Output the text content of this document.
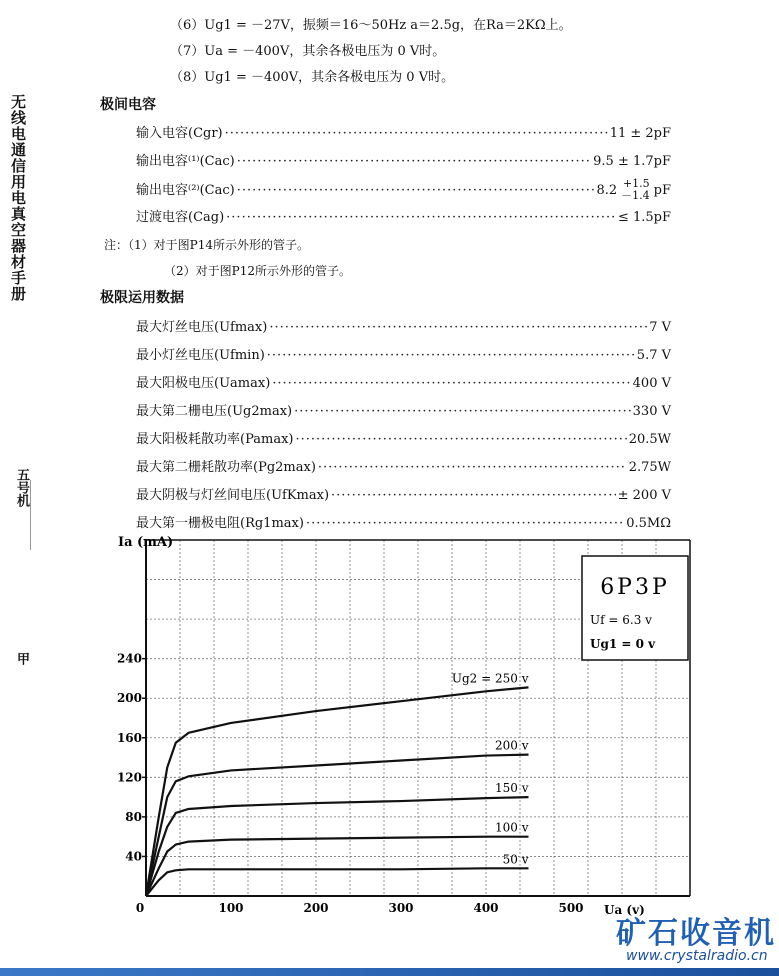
（6）Ug1 = －27V，振频＝16～50Hz a＝2.5g，在Ra＝2KΩ上。
（7）Ua = －400V，其余各极电压为 0 V时。
（8）Ug1 = －400V，其余各极电压为 0 V时。
无线电通信用电真空器材手册
五号机
甲
极间电容
输入电容(Cgr) ·····	11 ± 2pF
输出电容⁽¹⁾(Cac) ·····	9.5 ± 1.7pF
输出电容⁽²⁾(Cac) ·····	8.2 +1.5
－1.4 pF
过渡电容(Cag) ·····	≤ 1.5pF
注：（1）对于图P14所示外形的管子。
（2）对于图P12所示外形的管子。
极限运用数据
最大灯丝电压(Ufmax) ·····	7 V
最小灯丝电压(Ufmin) ·····	5.7 V
最大阳极电压(Uamax) ·····	400 V
最大第二栅电压(Ug2max) ·····	330 V
最大阳极耗散功率(Pamax) ·····	20.5W
最大第二栅耗散功率(Pg2max) ·····	2.75W
最大阴极与灯丝间电压(UfKmax) ·····	± 200 V
最大第一栅极电阻(Rg1max) ·····	0.5MΩ
0	100	200	300	400	500
40
80
120
160
200
240
Ug2 = 250 v
200 v
150 v
100 v
50 v
6P3P
Uf = 6.3 v
Ug1 = 0 v
Ia (mA)
Ua (v)
矿石收音机
www.crystalradio.cn
